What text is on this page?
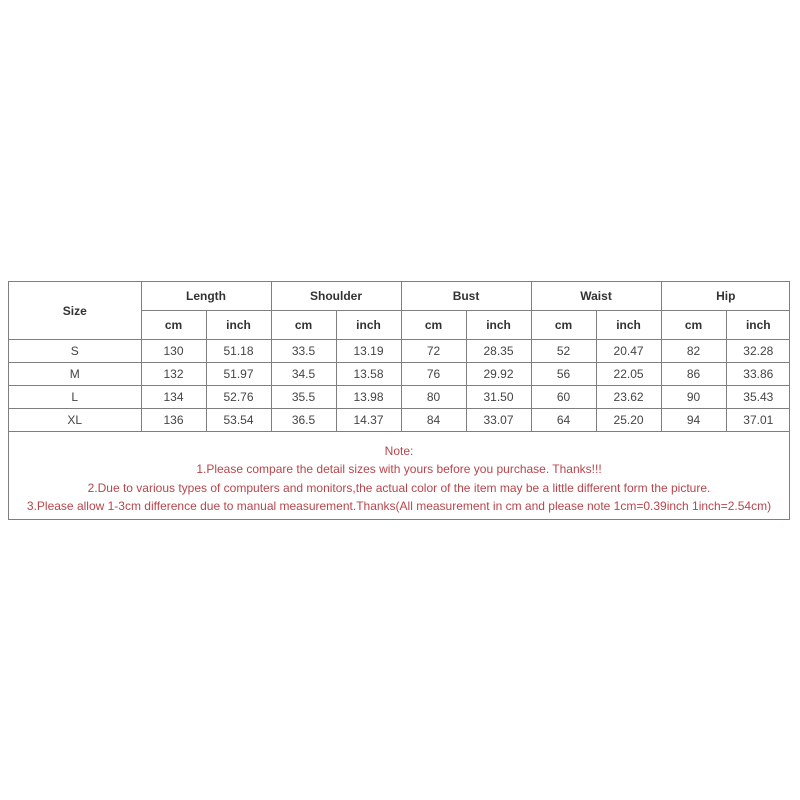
Size	Length		Shoulder		Bust		Waist		Hip	
	cm	inch	cm	inch	cm	inch	cm	inch	cm	inch
S	130	51.18	33.5	13.19	72	28.35	52	20.47	82	32.28
M	132	51.97	34.5	13.58	76	29.92	56	22.05	86	33.86
L	134	52.76	35.5	13.98	80	31.50	60	23.62	90	35.43
XL	136	53.54	36.5	14.37	84	33.07	64	25.20	94	37.01
Note:
1.Please compare the detail sizes with yours before you purchase. Thanks!!!
2.Due to various types of computers and monitors,the actual color of the item may be a little different form the picture.
3.Please allow 1-3cm difference due to manual measurement.Thanks(All measurement in cm and please note 1cm=0.39inch 1inch=2.54cm)
